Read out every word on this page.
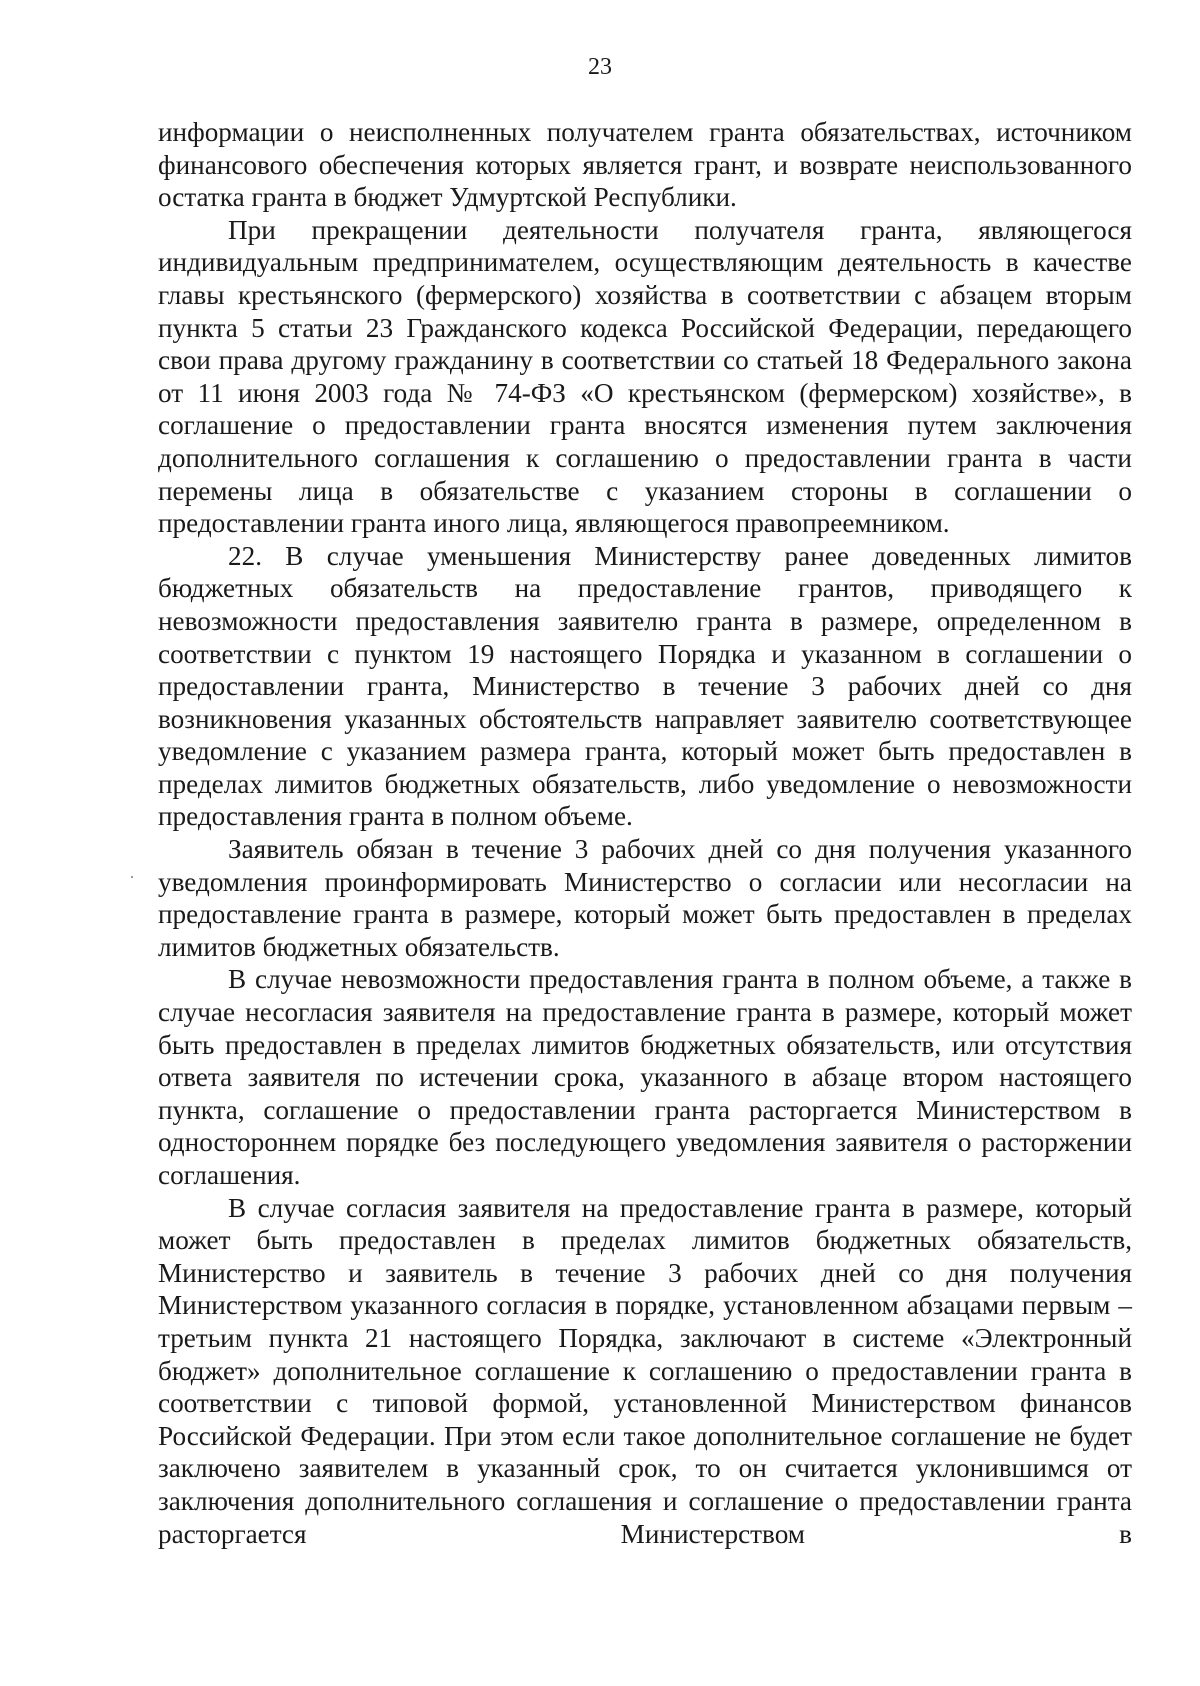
23

информации о неисполненных получателем гранта обязательствах, источником финансового обеспечения которых является грант, и возврате неиспользованного остатка гранта в бюджет Удмуртской Республики.

При прекращении деятельности получателя гранта, являющегося индивидуальным предпринимателем, осуществляющим деятельность в качестве главы крестьянского (фермерского) хозяйства в соответствии с абзацем вторым пункта 5 статьи 23 Гражданского кодекса Российской Федерации, передающего свои права другому гражданину в соответствии со статьей 18 Федерального закона от 11 июня 2003 года № 74-ФЗ «О крестьянском (фермерском) хозяйстве», в соглашение о предоставлении гранта вносятся изменения путем заключения дополнительного соглашения к соглашению о предоставлении гранта в части перемены лица в обязательстве с указанием стороны в соглашении о предоставлении гранта иного лица, являющегося правопреемником.

22. В случае уменьшения Министерству ранее доведенных лимитов бюджетных обязательств на предоставление грантов, приводящего к невозможности предоставления заявителю гранта в размере, определенном в соответствии с пунктом 19 настоящего Порядка и указанном в соглашении о предоставлении гранта, Министерство в течение 3 рабочих дней со дня возникновения указанных обстоятельств направляет заявителю соответствующее уведомление с указанием размера гранта, который может быть предоставлен в пределах лимитов бюджетных обязательств, либо уведомление о невозможности предоставления гранта в полном объеме.

Заявитель обязан в течение 3 рабочих дней со дня получения указанного уведомления проинформировать Министерство о согласии или несогласии на предоставление гранта в размере, который может быть предоставлен в пределах лимитов бюджетных обязательств.

В случае невозможности предоставления гранта в полном объеме, а также в случае несогласия заявителя на предоставление гранта в размере, который может быть предоставлен в пределах лимитов бюджетных обязательств, или отсутствия ответа заявителя по истечении срока, указанного в абзаце втором настоящего пункта, соглашение о предоставлении гранта расторгается Министерством в одностороннем порядке без последующего уведомления заявителя о расторжении соглашения.

В случае согласия заявителя на предоставление гранта в размере, который может быть предоставлен в пределах лимитов бюджетных обязательств, Министерство и заявитель в течение 3 рабочих дней со дня получения Министерством указанного согласия в порядке, установленном абзацами первым – третьим пункта 21 настоящего Порядка, заключают в системе «Электронный бюджет» дополнительное соглашение к соглашению о предоставлении гранта в соответствии с типовой формой, установленной Министерством финансов Российской Федерации. При этом если такое дополнительное соглашение не будет заключено заявителем в указанный срок, то он считается уклонившимся от заключения дополнительного соглашения и соглашение о предоставлении гранта расторгается Министерством в
